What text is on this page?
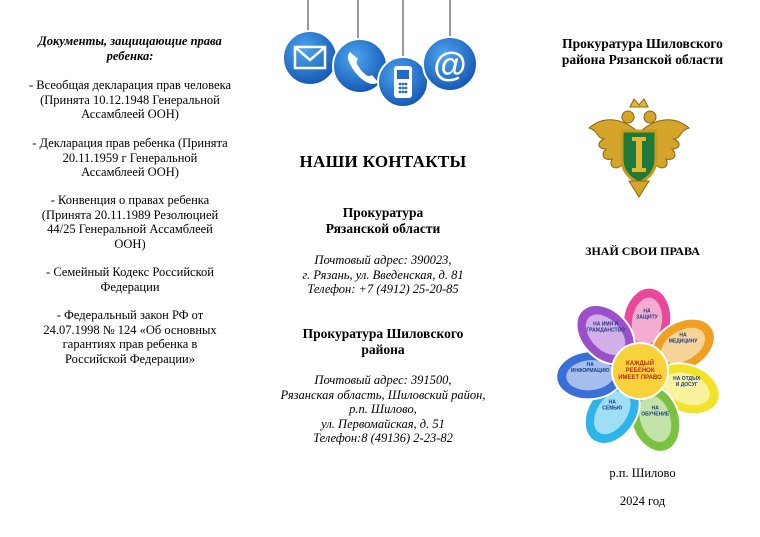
Документы, защищающие права
ребенка:
- Всеобщая декларация прав человека
(Принята 10.12.1948 Генеральной
Ассамблеей ООН)
- Декларация прав ребенка (Принята
20.11.1959 г Генеральной
Ассамблеей ООН)
- Конвенция о правах ребенка
(Принята 20.11.1989 Резолюцией
44/25 Генеральной Ассамблеей
ООН)
- Семейный Кодекс Российской
Федерации
- Федеральный закон РФ от
24.07.1998 № 124 «Об основных
гарантиях прав ребенка в
Российской Федерации»
@
НАШИ КОНТАКТЫ
Прокуратура
Рязанской области
Почтовый адрес: 390023,
г. Рязань, ул. Введенская, д. 81
Телефон: +7 (4912) 25-20-85
Прокуратура Шиловского
района
Почтовый адрес: 391500,
Рязанская область, Шиловский район,
р.п. Шилово,
ул. Первомайская, д. 51
Телефон:8 (49136) 2-23-82
Прокуратура Шиловского
района Рязанской области
ЗНАЙ СВОИ ПРАВА
НА
ЗАЩИТУ
НА
МЕДИЦИНУ
НА ОТДЫХ
И ДОСУГ
НА
ОБУЧЕНИЕ
НА
СЕМЬЮ
НА
ИНФОРМАЦИЮ
НА ИМЯ И
ГРАЖДАНСТВО
КАЖДЫЙ
РЕБЕНОК
ИМЕЕТ ПРАВО
р.п. Шилово
2024 год
